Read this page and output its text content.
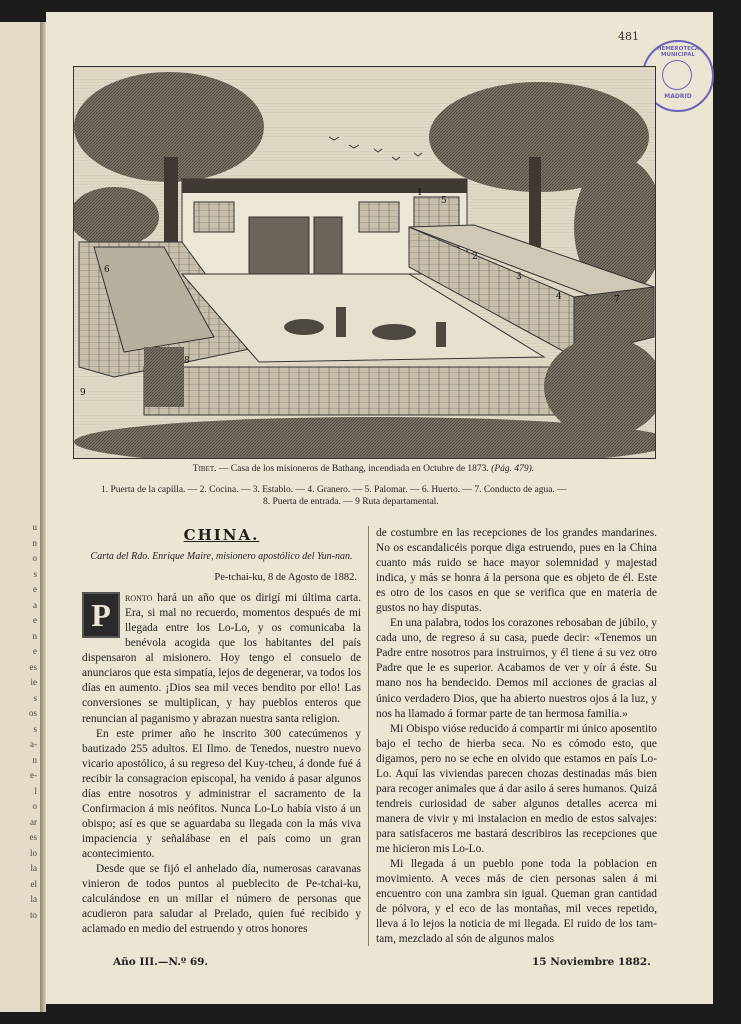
u
n
o
s
e
a
e
n
e
es
ie
s
os
s
a-
n
e-
l
o
ar
es
lo
la
el
la
to
481
HEMEROTECA MUNICIPAL
MADRID
1
2
3
4
5
6
7
8
9
Tibet. — Casa de los misioneros de Bathang, incendiada en Octubre de 1873. (Pág. 479).
1. Puerta de la capilla. — 2. Cocina. — 3. Establo. — 4. Granero. — 5. Palomar. — 6. Huerto. — 7. Conducto de agua. —
8. Puerta de entrada. — 9 Ruta departamental.
CHINA.
Carta del Rdo. Enrique Maire, misionero apostólico del Yun-nan.
Pe-tchai-ku, 8 de Agosto de 1882.

P	ronto hará un año que os dirigí mi última carta. Era, si mal no recuerdo, momentos después de mi llegada entre los Lo-Lo, y os comunicaba la benévola acogida que los habitantes del país dispensaron al misionero. Hoy tengo el consuelo de anunciaros que esta simpatía, lejos de degenerar, va todos los días en aumento. ¡Dios sea mil veces bendito por ello! Las conversiones se multiplican, y hay pueblos enteros que renuncian al paganismo y abrazan nuestra santa religion.

En este primer año he inscrito 300 catecúmenos y bautizado 255 adultos. El Ilmo. de Tenedos, nuestro nuevo vicario apostólico, á su regreso del Kuy-tcheu, á donde fué á recibir la consagracion episcopal, ha venido á pasar algunos días entre nosotros y administrar el sacramento de la Confirmacion á mis neófitos. Nunca Lo-Lo había visto á un obispo; así es que se aguardaba su llegada con la más viva impaciencia y señalábase en el país como un gran acontecimiento.

Desde que se fijó el anhelado día, numerosas caravanas vinieron de todos puntos al pueblecito de Pe-tchai-ku, calculándose en un millar el número de personas que acudieron para saludar al Prelado, quien fué recibido y aclamado en medio del estruendo y otros honores

de costumbre en las recepciones de los grandes mandarines. No os escandalicéis porque diga estruendo, pues en la China cuanto más ruido se hace mayor solemnidad y majestad indica, y más se honra á la persona que es objeto de él. Este es otro de los casos en que se verifica que en materia de gustos no hay disputas.

En una palabra, todos los corazones rebosaban de júbilo, y cada uno, de regreso á su casa, puede decir: «Tenemos un Padre entre nosotros para instruirnos, y él tiene á su vez otro Padre que le es superior. Acabamos de ver y oír á éste. Su mano nos ha bendecido. Demos mil acciones de gracias al único verdadero Dios, que ha abierto nuestros ojos á la luz, y nos ha llamado á formar parte de tan hermosa familia.»

Mi Obispo vióse reducido á compartir mi único aposentito bajo el techo de hierba seca. No es cómodo esto, que digamos, pero no se eche en olvido que estamos en país Lo-Lo. Aquí las viviendas parecen chozas destinadas más bien para recoger animales que á dar asilo á seres humanos. Quizá tendreis curiosidad de saber algunos detalles acerca mi manera de vivir y mi instalacion en medio de estos salvajes: para satisfaceros me bastará describiros las recepciones que me hicieron mis Lo-Lo.

Mi llegada á un pueblo pone toda la poblacion en movimiento. A veces más de cien personas salen á mi encuentro con una zambra sin igual. Queman gran cantidad de pólvora, y el eco de las montañas, mil veces repetido, lleva á lo lejos la noticia de mi llegada. El ruido de los tam-tam, mezclado al són de algunos malos

Año III.—N.º 69.	15 Noviembre 1882.
